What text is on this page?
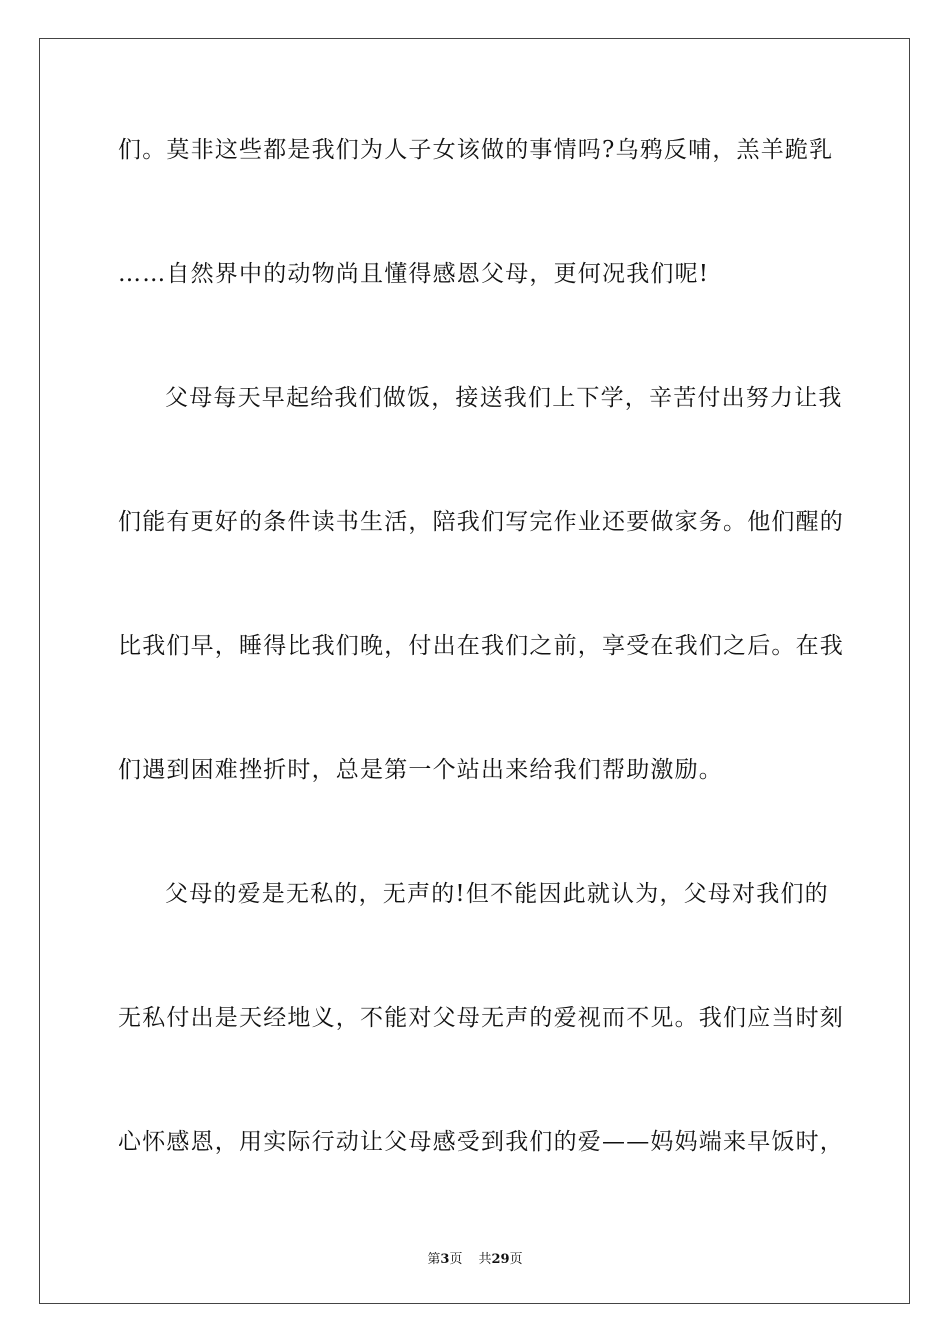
们。莫非这些都是我们为人子女该做的事情吗?乌鸦反哺，羔羊跪乳
……自然界中的动物尚且懂得感恩父母，更何况我们呢!
父母每天早起给我们做饭，接送我们上下学，辛苦付出努力让我
们能有更好的条件读书生活，陪我们写完作业还要做家务。他们醒的
比我们早，睡得比我们晚，付出在我们之前，享受在我们之后。在我
们遇到困难挫折时，总是第一个站出来给我们帮助激励。
父母的爱是无私的，无声的!但不能因此就认为，父母对我们的
无私付出是天经地义，不能对父母无声的爱视而不见。我们应当时刻
心怀感恩，用实际行动让父母感受到我们的爱——妈妈端来早饭时，
第3页 共29页
